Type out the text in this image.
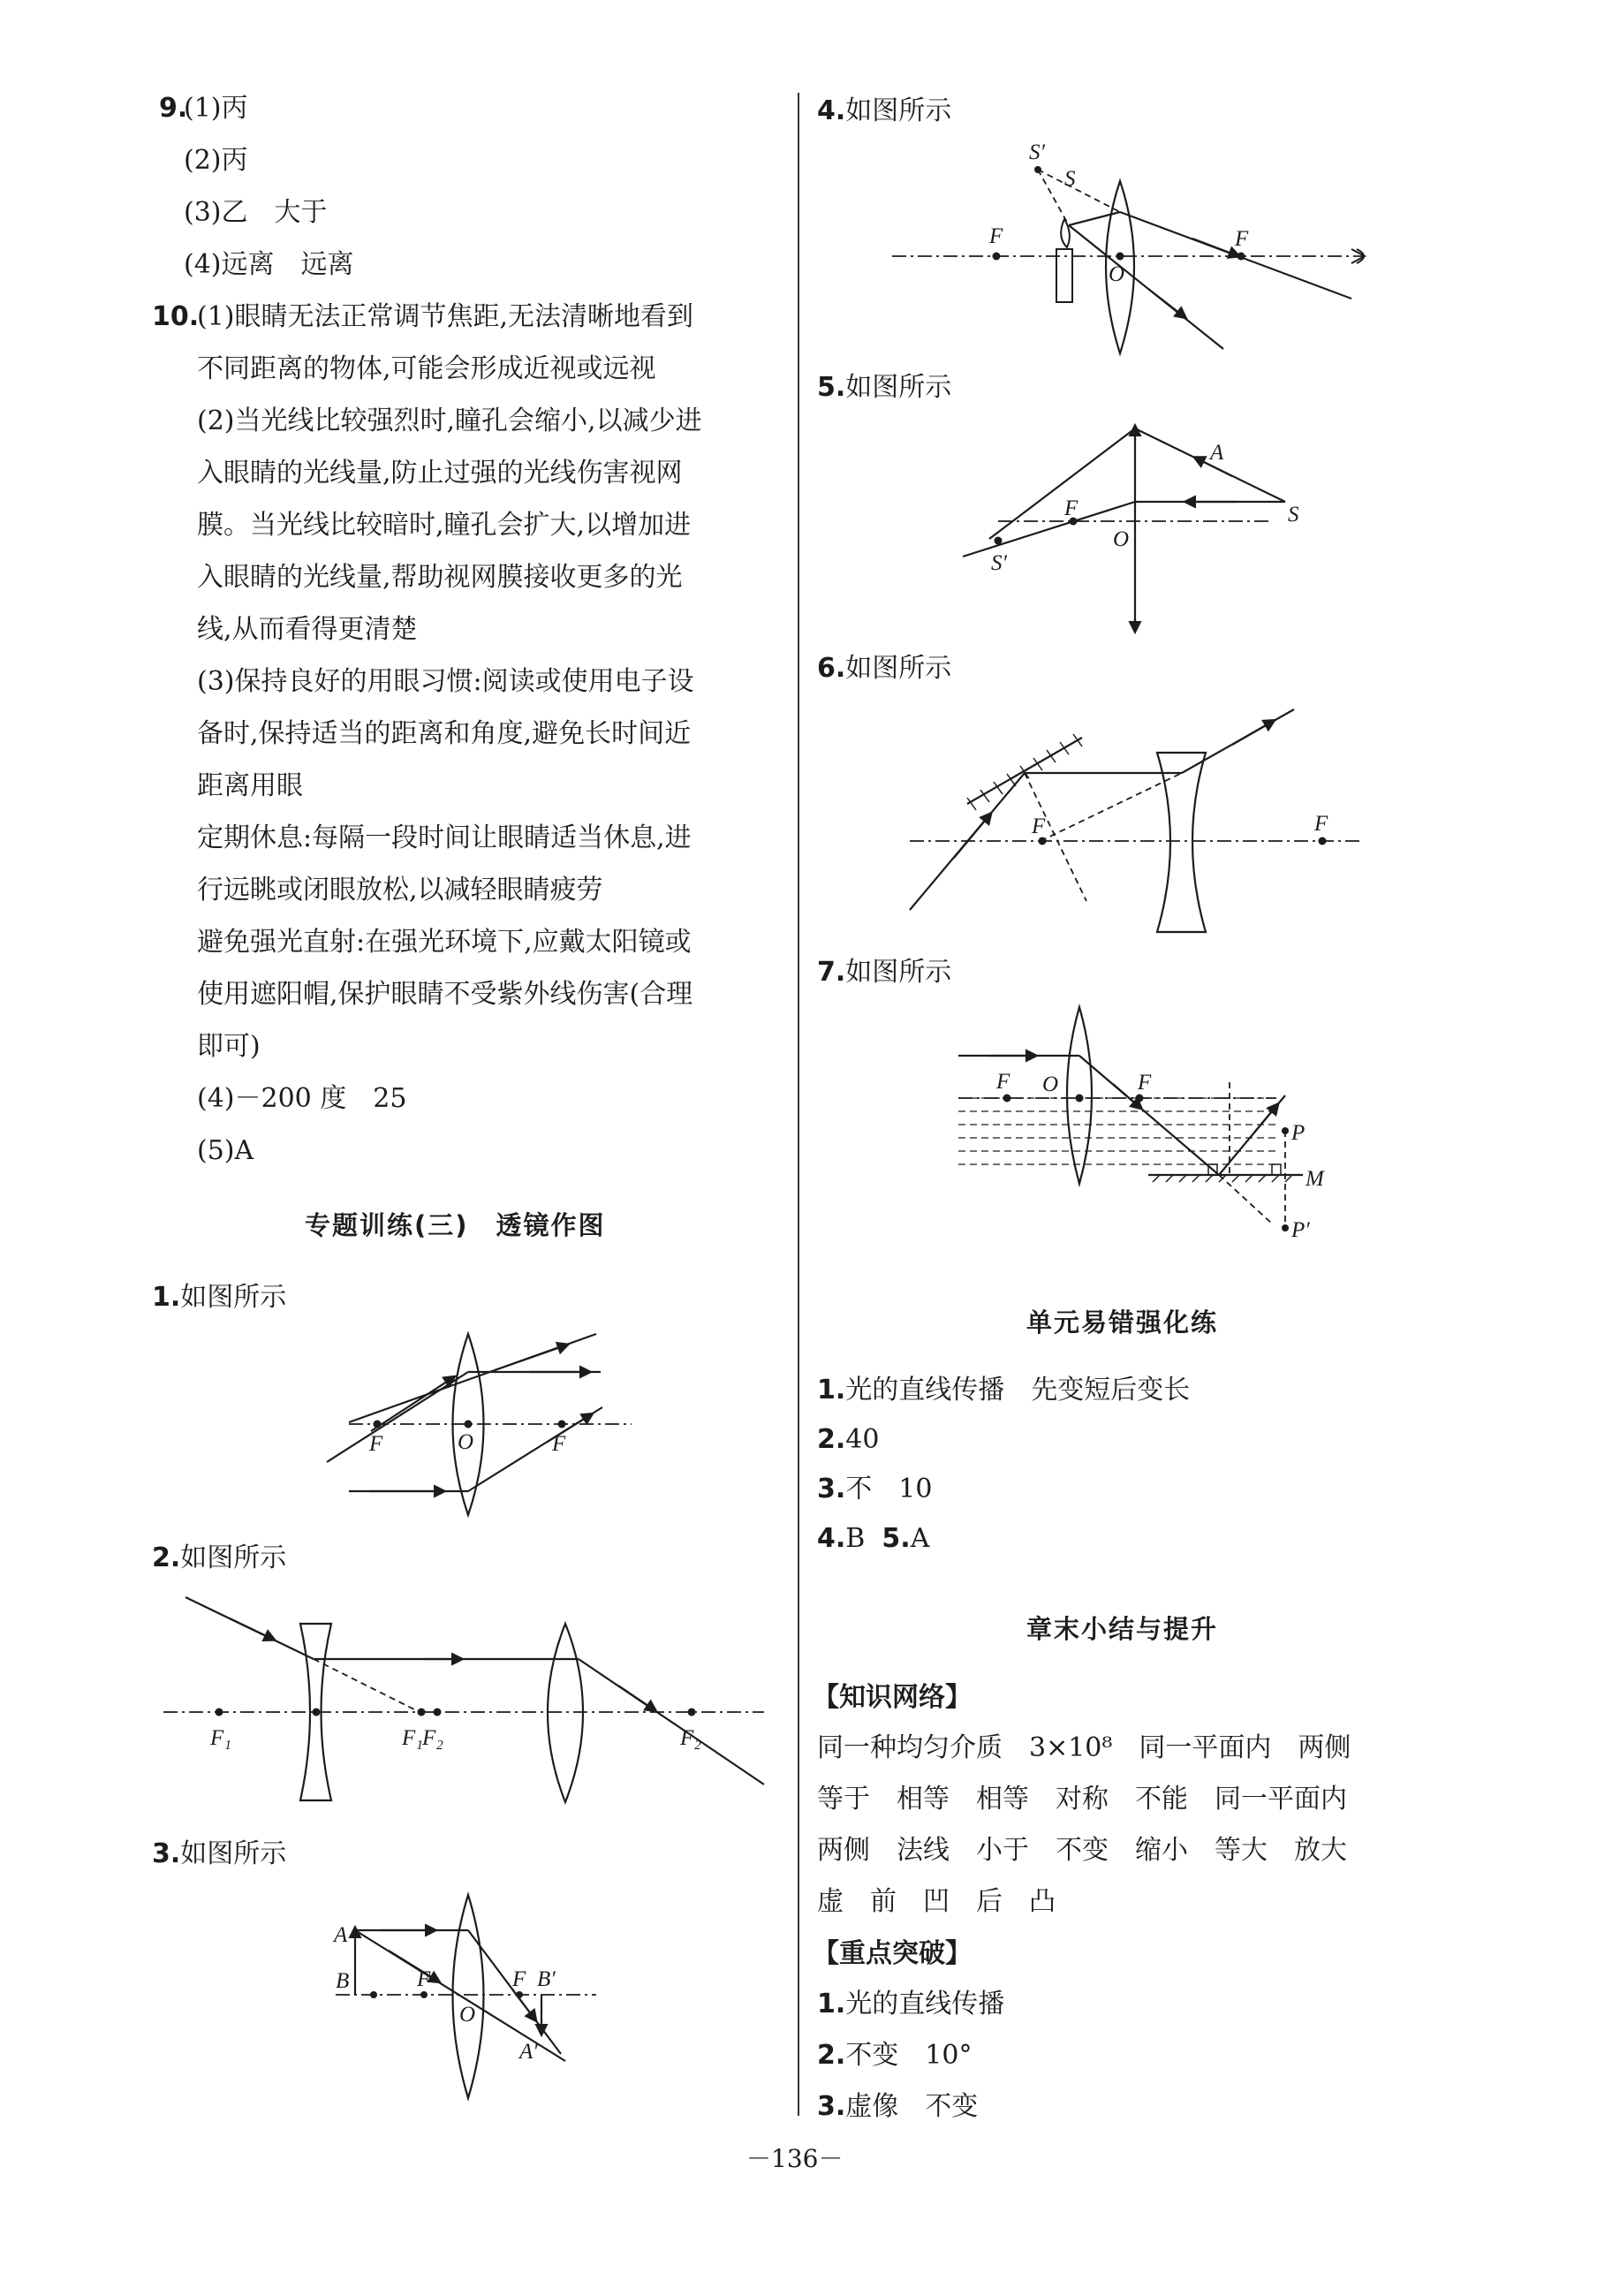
9.
(1)丙
(2)丙
(3)乙　大于
(4)远离　远离
10.
(1)眼睛无法正常调节焦距,无法清晰地看到
不同距离的物体,可能会形成近视或远视
(2)当光线比较强烈时,瞳孔会缩小,以减少进
入眼睛的光线量,防止过强的光线伤害视网
膜。当光线比较暗时,瞳孔会扩大,以增加进
入眼睛的光线量,帮助视网膜接收更多的光
线,从而看得更清楚
(3)保持良好的用眼习惯:阅读或使用电子设
备时,保持适当的距离和角度,避免长时间近
距离用眼
定期休息:每隔一段时间让眼睛适当休息,进
行远眺或闭眼放松,以减轻眼睛疲劳
避免强光直射:在强光环境下,应戴太阳镜或
使用遮阳帽,保护眼睛不受紫外线伤害(合理
即可)
(4)－200 度　25
(5)A
专题训练(三)　透镜作图
1.如图所示
2.如图所示
3.如图所示
F	O	F
F₁	F₁ F₂	F₂
A
B	F
O
F B′
A′
4.如图所示
5.如图所示
6.如图所示
7.如图所示
S′
S
F
O
F
A
S
F
O
S′
F	F
F O	F
P
M
P′
单元易错强化练
1.光的直线传播　先变短后变长
2.40
3.不　10
4.B 5.A
章末小结与提升
【知识网络】
同一种均匀介质　3×10⁸　同一平面内　两侧
等于　相等　相等　对称　不能　同一平面内
两侧　法线　小于　不变　缩小　等大　放大
虚　前　凹　后　凸
【重点突破】
1.光的直线传播
2.不变　10°
3.虚像　不变
－136－
